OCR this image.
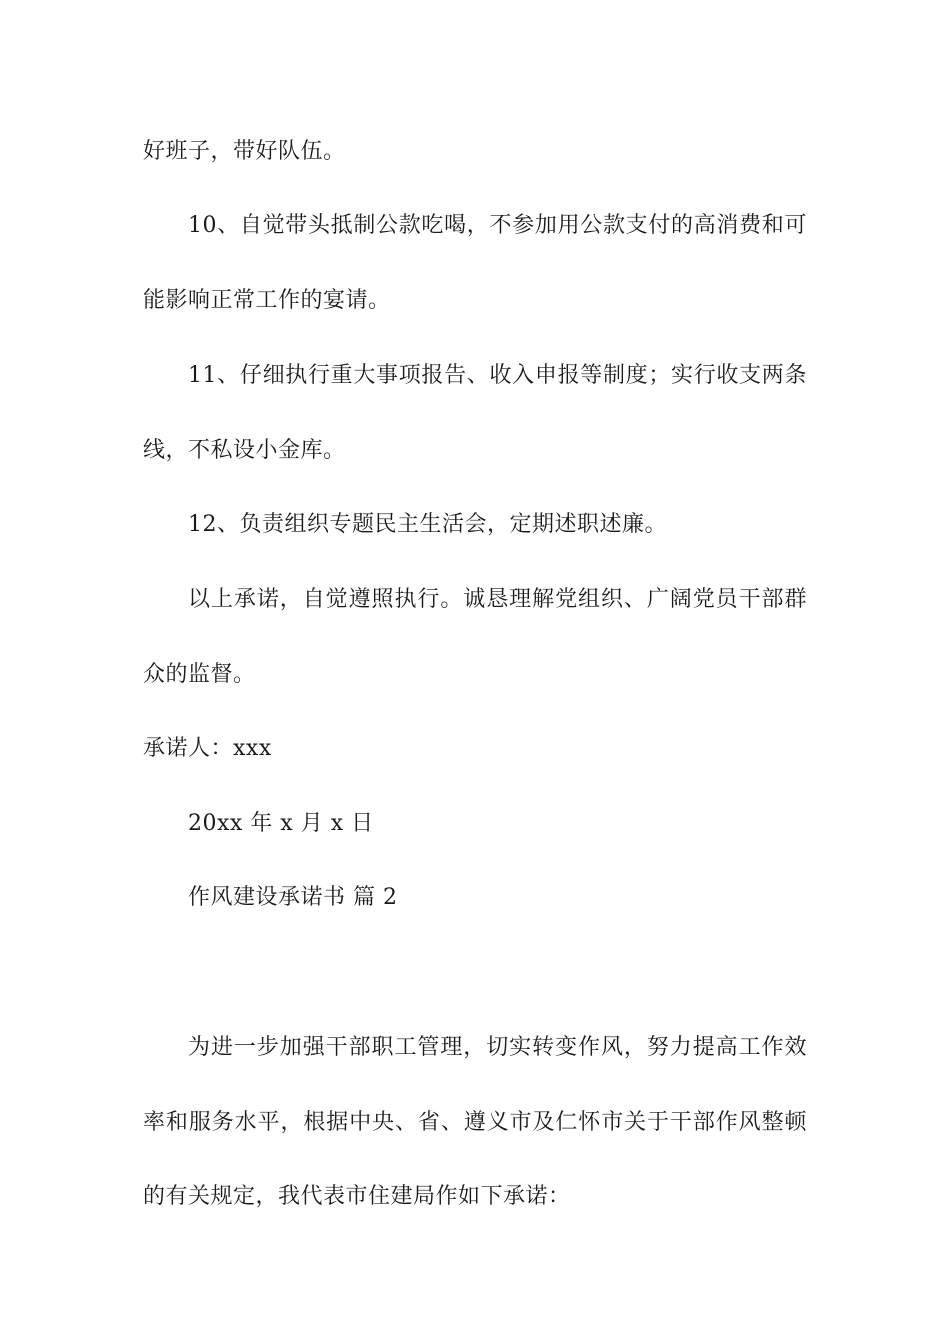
好班子，带好队伍。

10、自觉带头抵制公款吃喝，不参加用公款支付的高消费和可

能影响正常工作的宴请。

11、仔细执行重大事项报告、收入申报等制度；实行收支两条

线，不私设小金库。

12、负责组织专题民主生活会，定期述职述廉。

以上承诺，自觉遵照执行。诚恳理解党组织、广阔党员干部群

众的监督。

承诺人：xxx

20xx 年 x 月 x 日

作风建设承诺书 篇 2

为进一步加强干部职工管理，切实转变作风，努力提高工作效

率和服务水平，根据中央、省、遵义市及仁怀市关于干部作风整顿

的有关规定，我代表市住建局作如下承诺：
